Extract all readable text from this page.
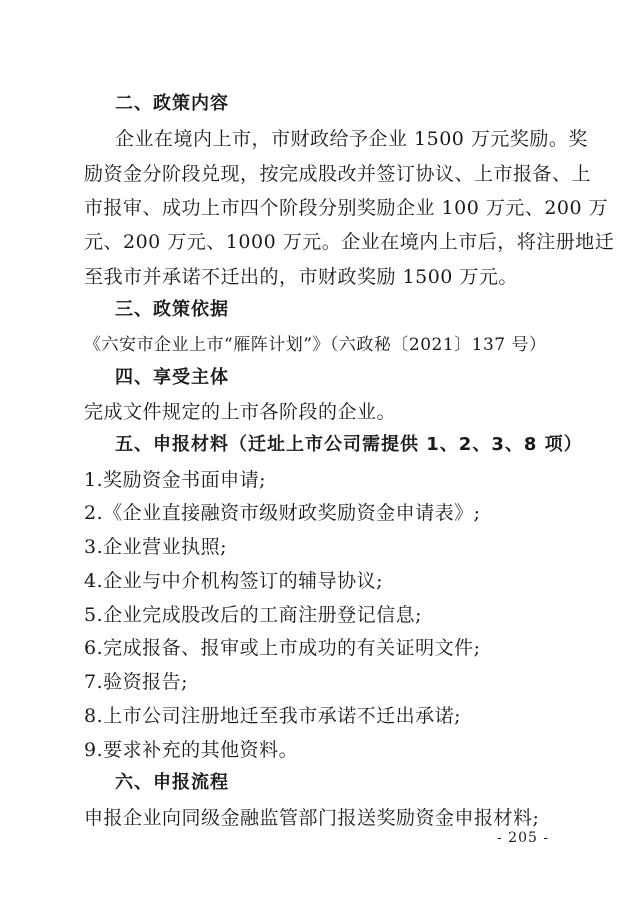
二、政策内容
企业在境内上市，市财政给予企业 1500 万元奖励。奖
励资金分阶段兑现，按完成股改并签订协议、上市报备、上
市报审、成功上市四个阶段分别奖励企业 100 万元、200 万
元、200 万元、1000 万元。企业在境内上市后，将注册地迁
至我市并承诺不迁出的，市财政奖励 1500 万元。
三、政策依据
《六安市企业上市“雁阵计划”》（六政秘〔2021〕137 号）
四、享受主体
完成文件规定的上市各阶段的企业。
五、申报材料（迁址上市公司需提供 1、2、3、8 项）
1.奖励资金书面申请;
2.《企业直接融资市级财政奖励资金申请表》;
3.企业营业执照;
4.企业与中介机构签订的辅导协议;
5.企业完成股改后的工商注册登记信息;
6.完成报备、报审或上市成功的有关证明文件;
7.验资报告;
8.上市公司注册地迁至我市承诺不迁出承诺;
9.要求补充的其他资料。
六、申报流程
申报企业向同级金融监管部门报送奖励资金申报材料;
- 205 -
